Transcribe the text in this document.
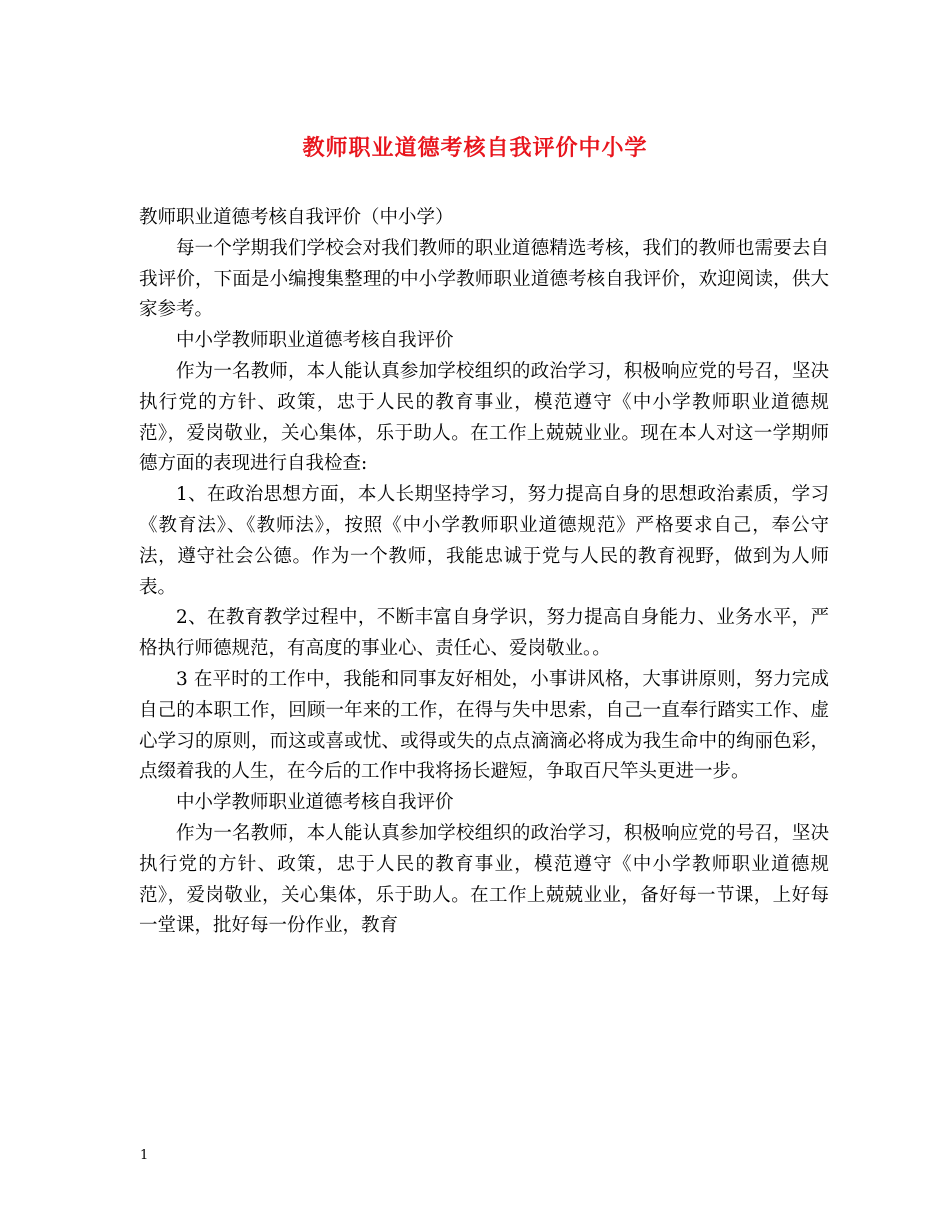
教师职业道德考核自我评价中小学

教师职业道德考核自我评价（中小学）

每一个学期我们学校会对我们教师的职业道德精选考核，我们的教师也需要去自我评价，下面是小编搜集整理的中小学教师职业道德考核自我评价，欢迎阅读，供大家参考。

中小学教师职业道德考核自我评价

作为一名教师，本人能认真参加学校组织的政治学习，积极响应党的号召，坚决执行党的方针、政策，忠于人民的教育事业，模范遵守《中小学教师职业道德规范》，爱岗敬业，关心集体，乐于助人。在工作上兢兢业业。现在本人对这一学期师德方面的表现进行自我检查:

1、在政治思想方面，本人长期坚持学习，努力提高自身的思想政治素质，学习《教育法》、《教师法》，按照《中小学教师职业道德规范》严格要求自己，奉公守法，遵守社会公德。作为一个教师，我能忠诚于党与人民的教育视野，做到为人师表。

2、在教育教学过程中，不断丰富自身学识，努力提高自身能力、业务水平，严格执行师德规范，有高度的事业心、责任心、爱岗敬业。。

3 在平时的工作中，我能和同事友好相处，小事讲风格，大事讲原则，努力完成自己的本职工作，回顾一年来的工作，在得与失中思索，自己一直奉行踏实工作、虚心学习的原则，而这或喜或忧、或得或失的点点滴滴必将成为我生命中的绚丽色彩，点缀着我的人生，在今后的工作中我将扬长避短，争取百尺竿头更进一步。

中小学教师职业道德考核自我评价

作为一名教师，本人能认真参加学校组织的政治学习，积极响应党的号召，坚决执行党的方针、政策，忠于人民的教育事业，模范遵守《中小学教师职业道德规范》，爱岗敬业，关心集体，乐于助人。在工作上兢兢业业，备好每一节课，上好每一堂课，批好每一份作业，教育

1
